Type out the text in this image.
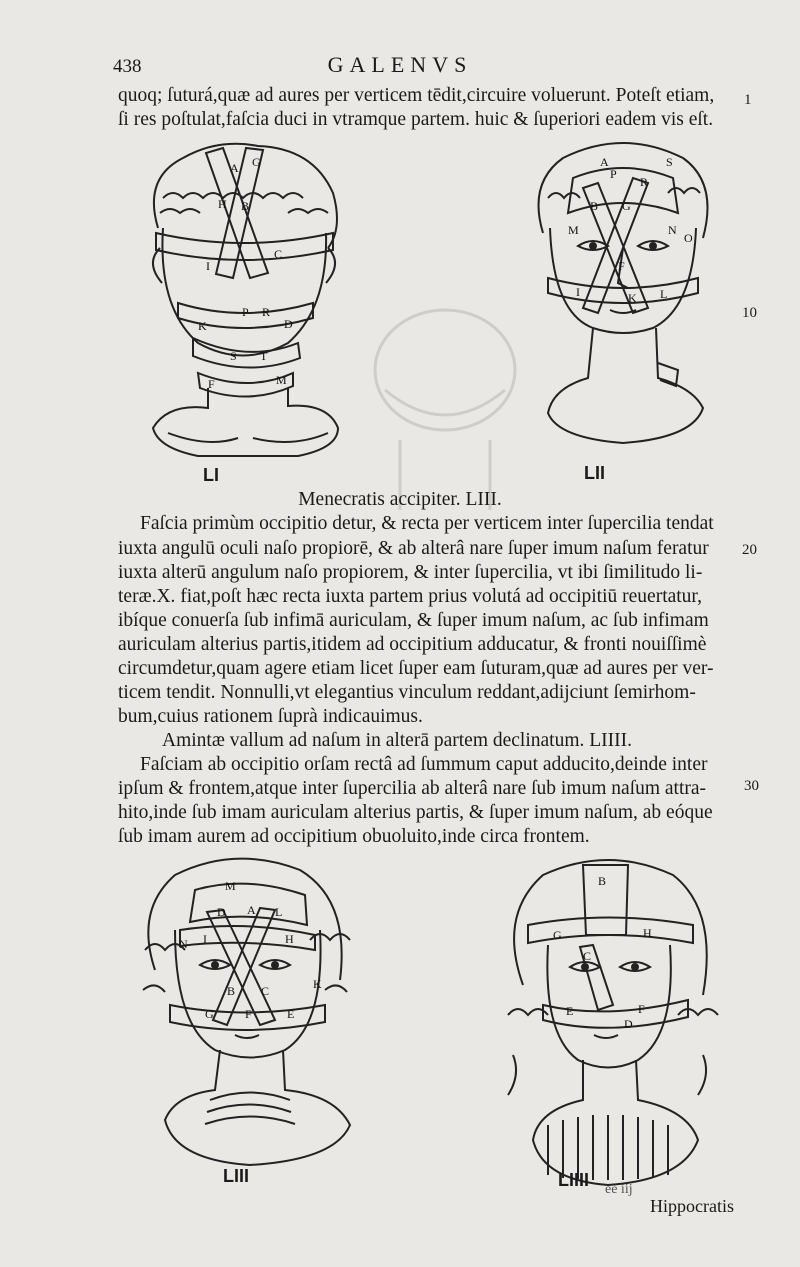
438	GALENVS
quoq; ſuturá,quæ ad aures per verticem tēdit,circuire voluerunt. Poteſt etiam,
ſi res poſtulat,faſcia duci in vtramque partem. huic & ſuperiori eadem vis eſt.
1
10
20
30
A G
H B
I
C
P R
K	D
S T
F	M
LI
A
P
R
S
B G
M	N
O
F
I	K L
LII
Menecratis accipiter. LIII.
Faſcia primùm occipitio detur, & recta per verticem inter ſupercilia tendat
iuxta angulū oculi naſo propiorē, & ab alterâ nare ſuper imum naſum feratur
iuxta alterū angulum naſo propiorem, & inter ſupercilia, vt ibi ſimilitudo li-
teræ.X. fiat,poſt hæc recta iuxta partem prius volutá ad occipitiū reuertatur,
ibíque conuerſa ſub infimā auriculam, & ſuper imum naſum, ac ſub infimam
auriculam alterius partis,itidem ad occipitium adducatur, & fronti nouiſſimè
circumdetur,quam agere etiam licet ſuper eam ſuturam,quæ ad aures per ver-
ticem tendit. Nonnulli,vt elegantius vinculum reddant,adijciunt ſemirhom-
bum,cuius rationem ſuprà indicauimus.
Amintæ vallum ad naſum in alterā partem declinatum. LIIII.
Faſciam ab occipitio orſam rectâ ad ſummum caput adducito,deinde inter
ipſum & frontem,atque inter ſupercilia ab alterâ nare ſub imum naſum attra-
hito,inde ſub imam auriculam alterius partis, & ſuper imum naſum, ab eóque
ſub imam aurem ad occipitium obuoluito,inde circa frontem.
M
D A L
N I	H
K
B C
G	F	E
LIII
B
G	H
C
E	F
D
LIIII ee iij
Hippocratis
